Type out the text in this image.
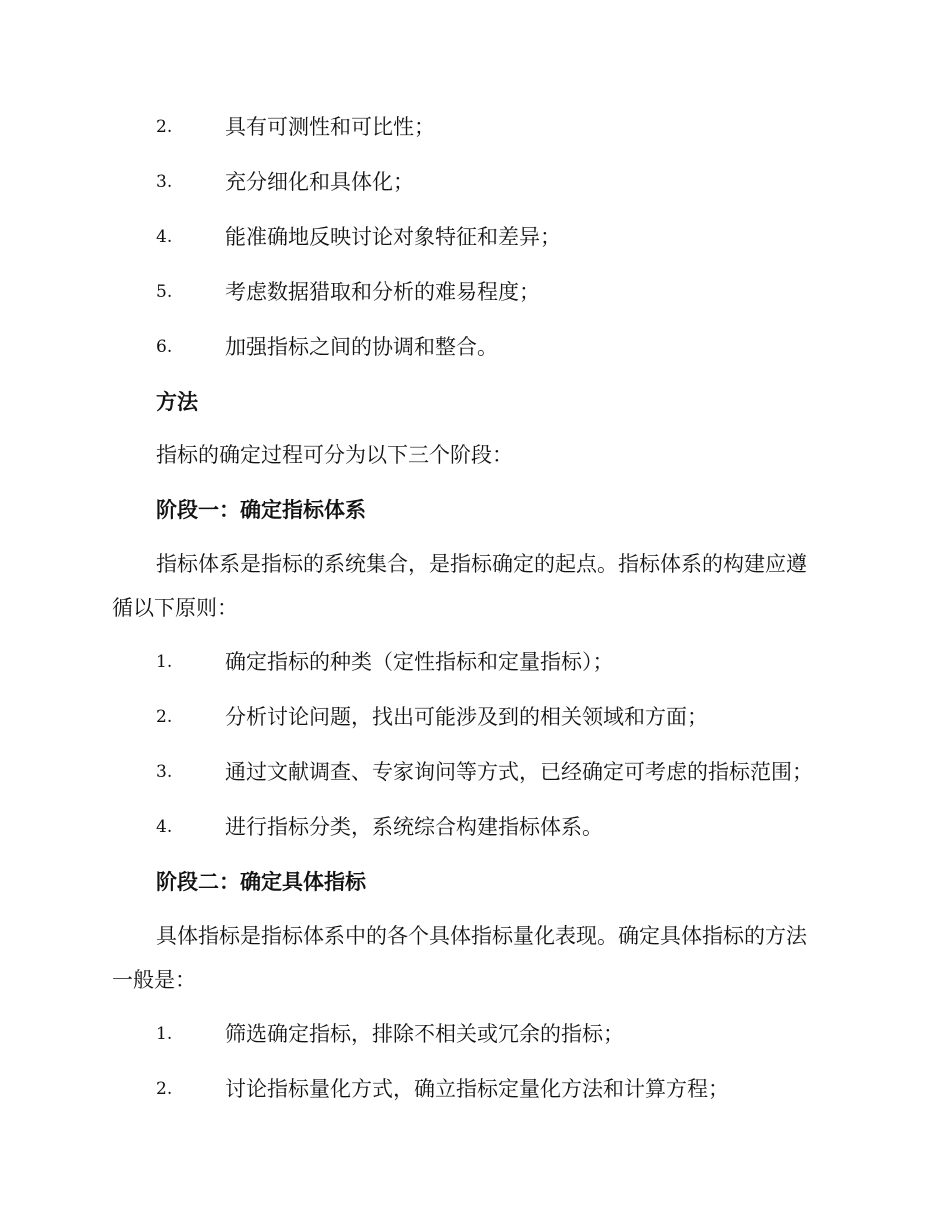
2.	具有可测性和可比性；
3.	充分细化和具体化；
4.	能准确地反映讨论对象特征和差异；
5.	考虑数据猎取和分析的难易程度；
6.	加强指标之间的协调和整合。
方法
指标的确定过程可分为以下三个阶段：
阶段一：确定指标体系
指标体系是指标的系统集合，是指标确定的起点。指标体系的构建应遵
循以下原则：
1.	确定指标的种类（定性指标和定量指标）；
2.	分析讨论问题，找出可能涉及到的相关领域和方面；
3.	通过文献调查、专家询问等方式，已经确定可考虑的指标范围；
4.	进行指标分类，系统综合构建指标体系。
阶段二：确定具体指标
具体指标是指标体系中的各个具体指标量化表现。确定具体指标的方法
一般是：
1.	筛选确定指标，排除不相关或冗余的指标；
2.	讨论指标量化方式，确立指标定量化方法和计算方程；
